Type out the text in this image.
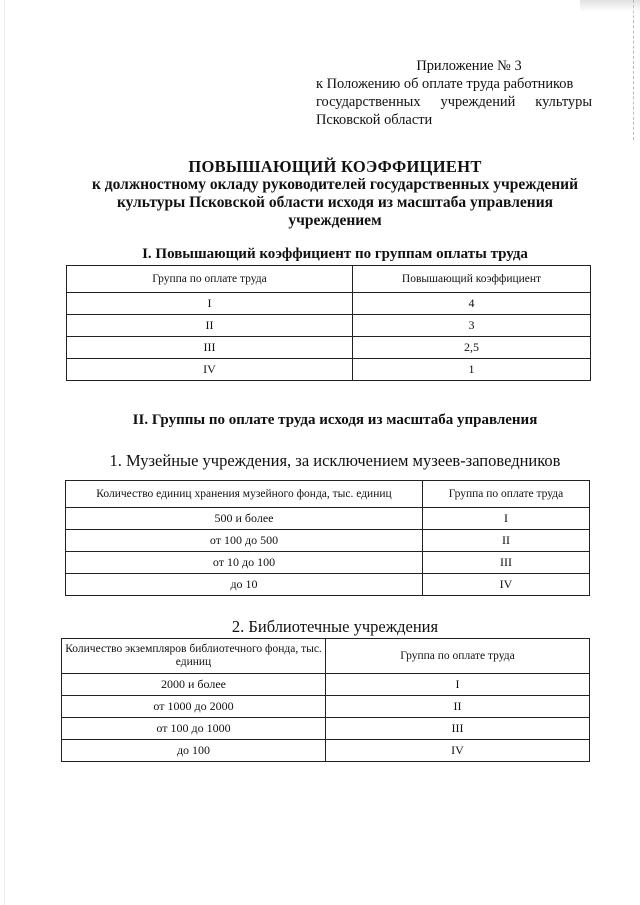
Приложение № 3
к Положению об оплате труда работников
государственных учреждений культуры
Псковской области
ПОВЫШАЮЩИЙ КОЭФФИЦИЕНТ
к должностному окладу руководителей государственных учреждений
культуры Псковской области исходя из масштаба управления
учреждением
I. Повышающий коэффициент по группам оплаты труда
Группа по оплате труда	Повышающий коэффициент
I	4
II	3
III	2,5
IV	1
II. Группы по оплате труда исходя из масштаба управления
1. Музейные учреждения, за исключением музеев-заповедников
Количество единиц хранения музейного фонда, тыс. единиц	Группа по оплате труда
500 и более	I
от 100 до 500	II
от 10 до 100	III
до 10	IV
2. Библиотечные учреждения
Количество экземпляров библиотечного фонда, тыс. единиц	Группа по оплате труда
2000 и более	I
от 1000 до 2000	II
от 100 до 1000	III
до 100	IV
